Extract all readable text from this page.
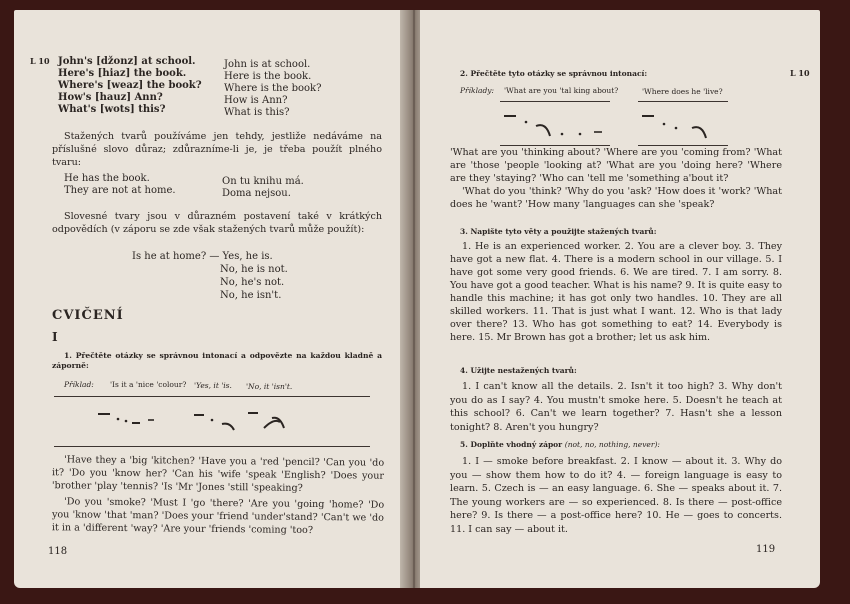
L 10 John's [džonz] at school.
Here's [hiaz] the book.
Where's [weaz] the book?
How's [hauz] Ann?
What's [wots] this?
John is at school.
Here is the book.
Where is the book?
How is Ann?
What is this?
Stažených tvarů používáme jen tehdy, jestliže nedáváme na příslušné slovo důraz; zdůrazníme-li je, je třeba použít plného tvaru:
He has the book.
They are not at home.
On tu knihu má.
Doma nejsou.
Slovesné tvary jsou v důrazném postavení také v krátkých odpovědích (v záporu se zde však stažených tvarů může použít):
Is he at home? — Yes, he is.
No, he is not.
No, he's not.
No, he isn't.
CVIČENÍ
I
1. Přečtěte otázky se správnou intonací a odpovězte na každou kladně a záporně:
Příklad: 'Is it a 'nice 'colour? 'Yes, it 'is. 'No, it 'isn't.
'Have they a 'big 'kitchen? 'Have you a 'red 'pencil? 'Can you 'do it? 'Do you 'know her? 'Can his 'wife 'speak 'English? 'Does your 'brother 'play 'tennis? 'Is 'Mr 'Jones 'still 'speaking?
'Do you 'smoke? 'Must I 'go 'there? 'Are you 'going 'home? 'Do you 'know 'that 'man? 'Does your 'friend 'under'stand? 'Can't we 'do it in a 'different 'way? 'Are your 'friends 'coming 'too?
118
2. Přečtěte tyto otázky se správnou intonací:	L 10
Příklady: 'What are you 'tal king about?	'Where does he 'live?
'What are you 'thinking about? 'Where are you 'coming from? 'What are 'those 'people 'looking at? 'What are you 'doing here? 'Where are they 'staying? 'Who can 'tell me 'something a'bout it?
'What do you 'think? 'Why do you 'ask? 'How does it 'work? 'What does he 'want? 'How many 'languages can she 'speak?
3. Napište tyto věty a použijte stažených tvarů:
1. He is an experienced worker. 2. You are a clever boy. 3. They have got a new flat. 4. There is a modern school in our village. 5. I have got some very good friends. 6. We are tired. 7. I am sorry. 8. You have got a good teacher. What is his name? 9. It is quite easy to handle this machine; it has got only two handles. 10. They are all skilled workers. 11. That is just what I want. 12. Who is that lady over there? 13. Who has got something to eat? 14. Everybody is here. 15. Mr Brown has got a brother; let us ask him.
4. Užijte nestažených tvarů:
1. I can't know all the details. 2. Isn't it too high? 3. Why don't you do as I say? 4. You mustn't smoke here. 5. Doesn't he teach at this school? 6. Can't we learn together? 7. Hasn't she a lesson tonight? 8. Aren't you hungry?
5. Doplňte vhodný zápor (not, no, nothing, never):
1. I — smoke before breakfast. 2. I know — about it. 3. Why do you — show them how to do it? 4. — foreign language is easy to learn. 5. Czech is — an easy language. 6. She — speaks about it. 7. The young workers are — so experienced. 8. Is there — post-office here? 9. Is there — a post-office here? 10. He — goes to concerts. 11. I can say — about it.
119
